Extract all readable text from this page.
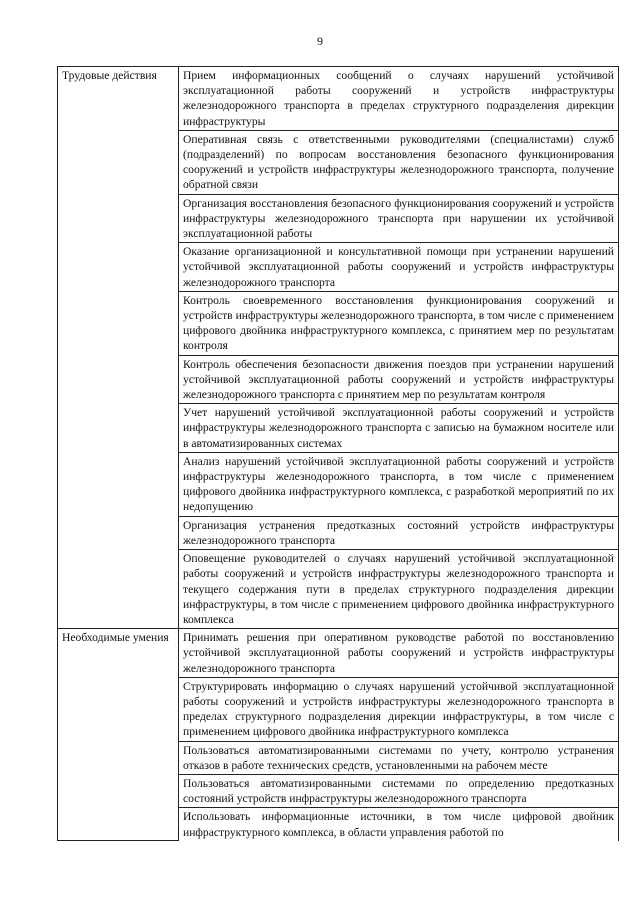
9
Трудовые действия	Прием информационных сообщений о случаях нарушений устойчивой эксплуатационной работы сооружений и устройств инфраструктуры железнодорожного транспорта в пределах структурного подразделения дирекции инфраструктуры
	Оперативная связь с ответственными руководителями (специалистами) служб (подразделений) по вопросам восстановления безопасного функционирования сооружений и устройств инфраструктуры железнодорожного транспорта, получение обратной связи
	Организация восстановления безопасного функционирования сооружений и устройств инфраструктуры железнодорожного транспорта при нарушении их устойчивой эксплуатационной работы
	Оказание организационной и консультативной помощи при устранении нарушений устойчивой эксплуатационной работы сооружений и устройств инфраструктуры железнодорожного транспорта
	Контроль своевременного восстановления функционирования сооружений и устройств инфраструктуры железнодорожного транспорта, в том числе с применением цифрового двойника инфраструктурного комплекса, с принятием мер по результатам контроля
	Контроль обеспечения безопасности движения поездов при устранении нарушений устойчивой эксплуатационной работы сооружений и устройств инфраструктуры железнодорожного транспорта с принятием мер по результатам контроля
	Учет нарушений устойчивой эксплуатационной работы сооружений и устройств инфраструктуры железнодорожного транспорта с записью на бумажном носителе или в автоматизированных системах
	Анализ нарушений устойчивой эксплуатационной работы сооружений и устройств инфраструктуры железнодорожного транспорта, в том числе с применением цифрового двойника инфраструктурного комплекса, с разработкой мероприятий по их недопущению
	Организация устранения предотказных состояний устройств инфраструктуры железнодорожного транспорта
	Оповещение руководителей о случаях нарушений устойчивой эксплуатационной работы сооружений и устройств инфраструктуры железнодорожного транспорта и текущего содержания пути в пределах структурного подразделения дирекции инфраструктуры, в том числе с применением цифрового двойника инфраструктурного комплекса
Необходимые умения	Принимать решения при оперативном руководстве работой по восстановлению устойчивой эксплуатационной работы сооружений и устройств инфраструктуры железнодорожного транспорта
	Структурировать информацию о случаях нарушений устойчивой эксплуатационной работы сооружений и устройств инфраструктуры железнодорожного транспорта в пределах структурного подразделения дирекции инфраструктуры, в том числе с применением цифрового двойника инфраструктурного комплекса
	Пользоваться автоматизированными системами по учету, контролю устранения отказов в работе технических средств, установленными на рабочем месте
	Пользоваться автоматизированными системами по определению предотказных состояний устройств инфраструктуры железнодорожного транспорта
	Использовать информационные источники, в том числе цифровой двойник инфраструктурного комплекса, в области управления работой по
